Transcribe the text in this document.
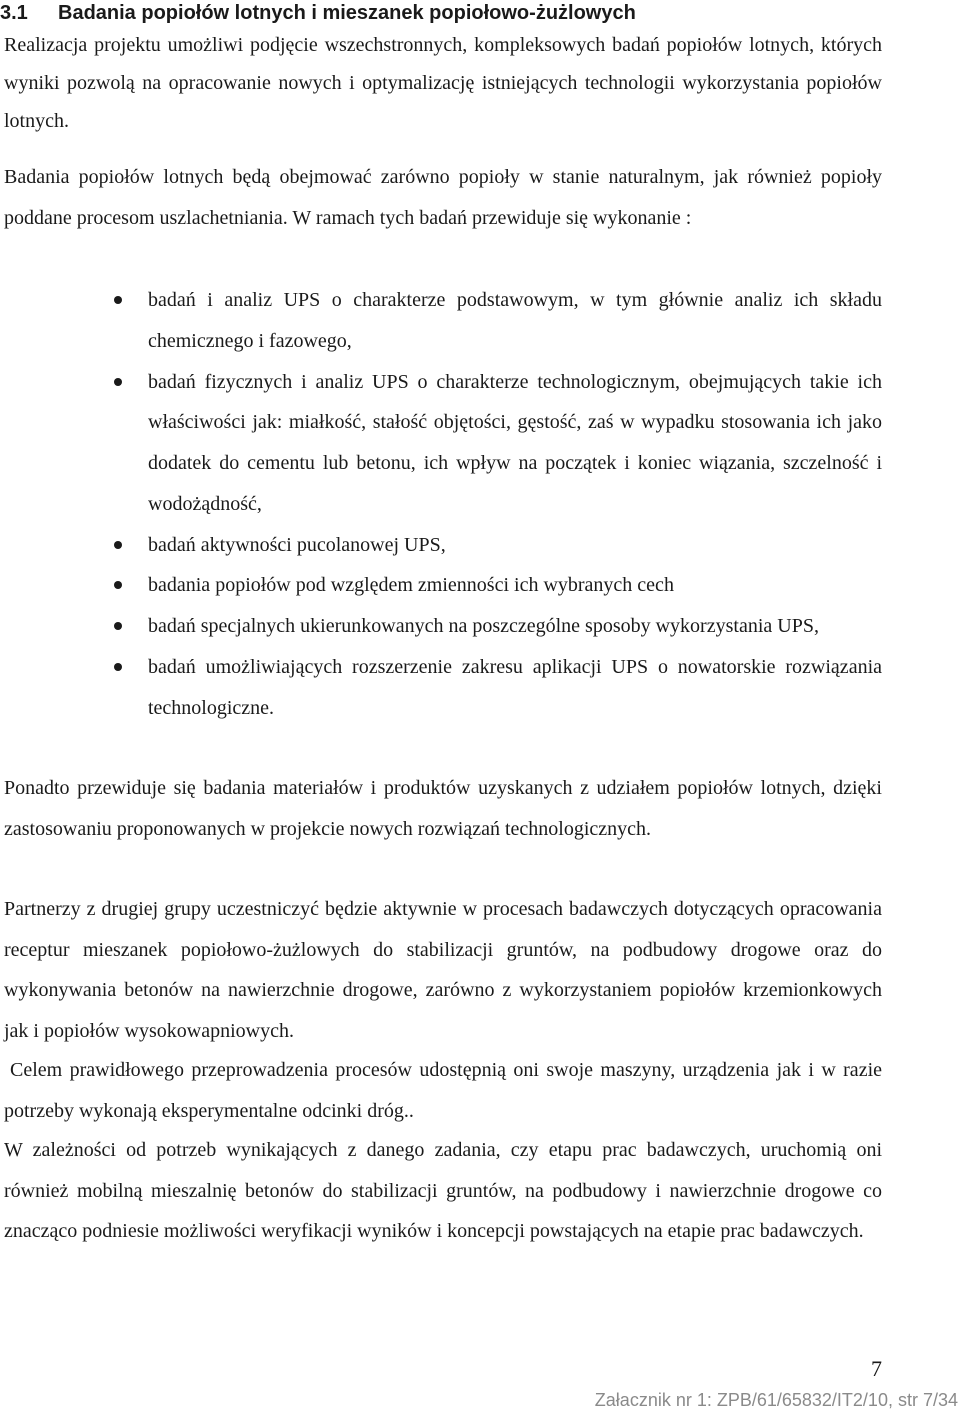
3.1 Badania popiołów lotnych i mieszanek popiołowo-żużlowych

Realizacja projektu umożliwi podjęcie wszechstronnych, kompleksowych badań popiołów lotnych, których wyniki pozwolą na opracowanie nowych i optymalizację istniejących technologii wykorzystania popiołów lotnych.

Badania popiołów lotnych będą obejmować zarówno popioły w stanie naturalnym, jak również popioły poddane procesom uszlachetniania. W ramach tych badań przewiduje się wykonanie :

badań i analiz UPS o charakterze podstawowym, w tym głównie analiz ich składu chemicznego i fazowego,
badań fizycznych i analiz UPS o charakterze technologicznym, obejmujących takie ich właściwości jak: miałkość, stałość objętości, gęstość, zaś w wypadku stosowania ich jako dodatek do cementu lub betonu, ich wpływ na początek i koniec wiązania, szczelność i wodożądność,
badań aktywności pucolanowej UPS,
badania popiołów pod względem zmienności ich wybranych cech
badań specjalnych ukierunkowanych na poszczególne sposoby wykorzystania UPS,
badań umożliwiających rozszerzenie zakresu aplikacji UPS o nowatorskie rozwiązania technologiczne.

Ponadto przewiduje się badania materiałów i produktów uzyskanych z udziałem popiołów lotnych, dzięki zastosowaniu proponowanych w projekcie nowych rozwiązań technologicznych.

Partnerzy z drugiej grupy uczestniczyć będzie aktywnie w procesach badawczych dotyczących opracowania receptur mieszanek popiołowo-żużlowych do stabilizacji gruntów, na podbudowy drogowe oraz do wykonywania betonów na nawierzchnie drogowe, zarówno z wykorzystaniem popiołów krzemionkowych jak i popiołów wysokowapniowych.

Celem prawidłowego przeprowadzenia procesów udostępnią oni swoje maszyny, urządzenia jak i w razie potrzeby wykonają eksperymentalne odcinki dróg..

W zależności od potrzeb wynikających z danego zadania, czy etapu prac badawczych, uruchomią oni również mobilną mieszalnię betonów do stabilizacji gruntów, na podbudowy i nawierzchnie drogowe co znacząco podniesie możliwości weryfikacji wyników i koncepcji powstających na etapie prac badawczych.

7
Załacznik nr 1: ZPB/61/65832/IT2/10, str 7/34
